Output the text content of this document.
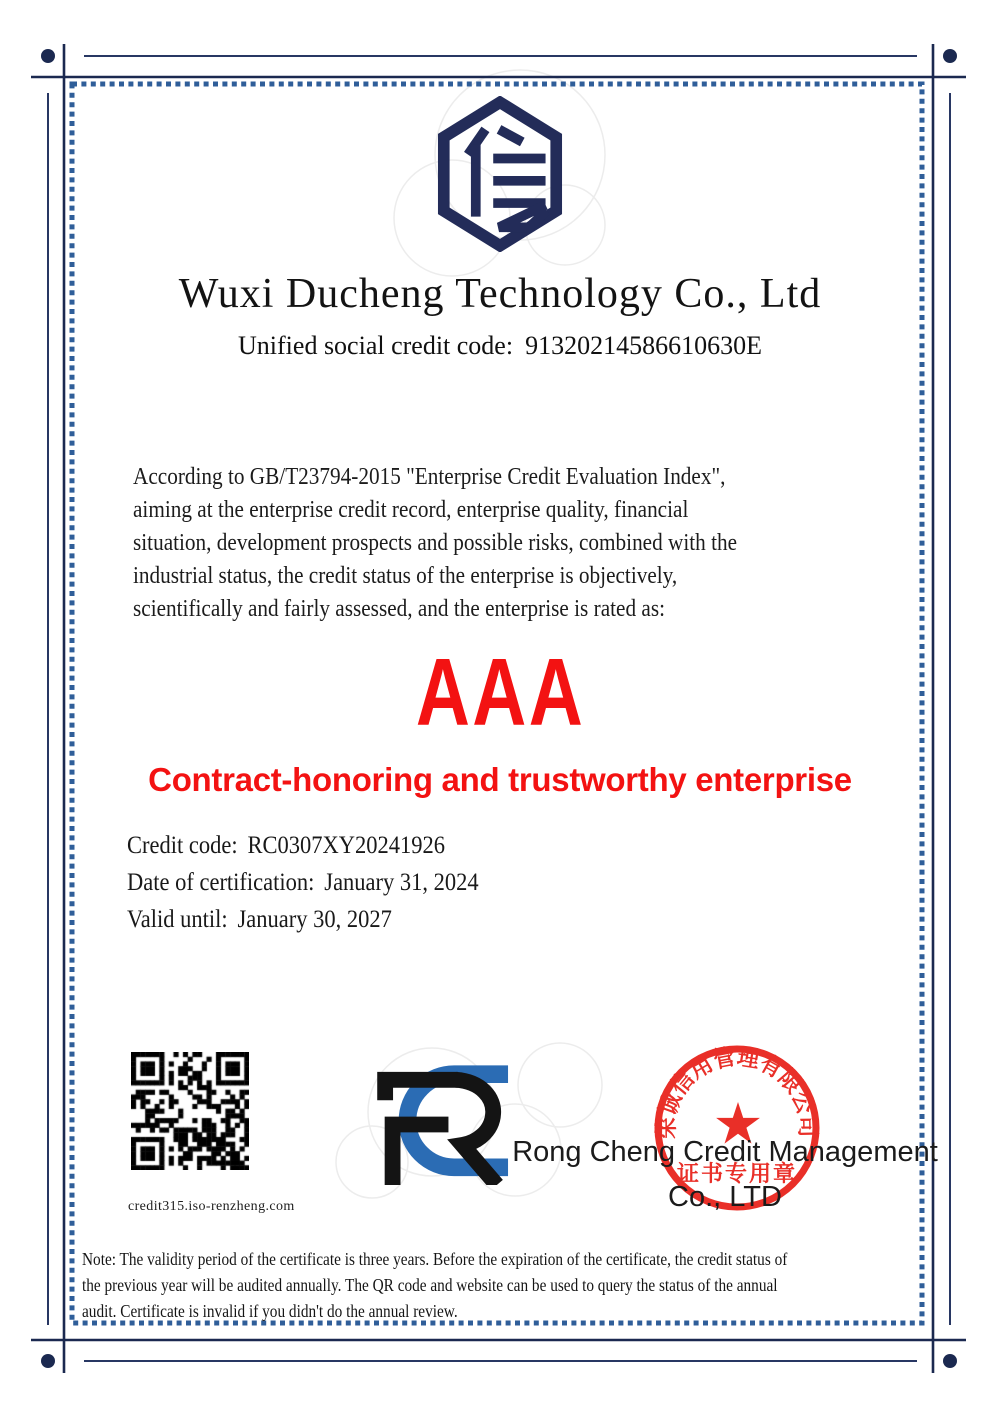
Wuxi Ducheng Technology Co., Ltd
Unified social credit code: 91320214586610630E
According to GB/T23794-2015 "Enterprise Credit Evaluation Index",
aiming at the enterprise credit record, enterprise quality, financial
situation, development prospects and possible risks, combined with the
industrial status, the credit status of the enterprise is objectively,
scientifically and fairly assessed, and the enterprise is rated as:
AAA
Contract-honoring and trustworthy enterprise
Credit code: RC0307XY20241926
Date of certification: January 31, 2024
Valid until: January 30, 2027
credit315.iso-renzheng.com
荣诚信用管理有限公司
证书专用章
Rong Cheng Credit Management
Co., LTD
Note: The validity period of the certificate is three years. Before the expiration of the certificate, the credit status of
the previous year will be audited annually. The QR code and website can be used to query the status of the annual
audit. Certificate is invalid if you didn't do the annual review.
